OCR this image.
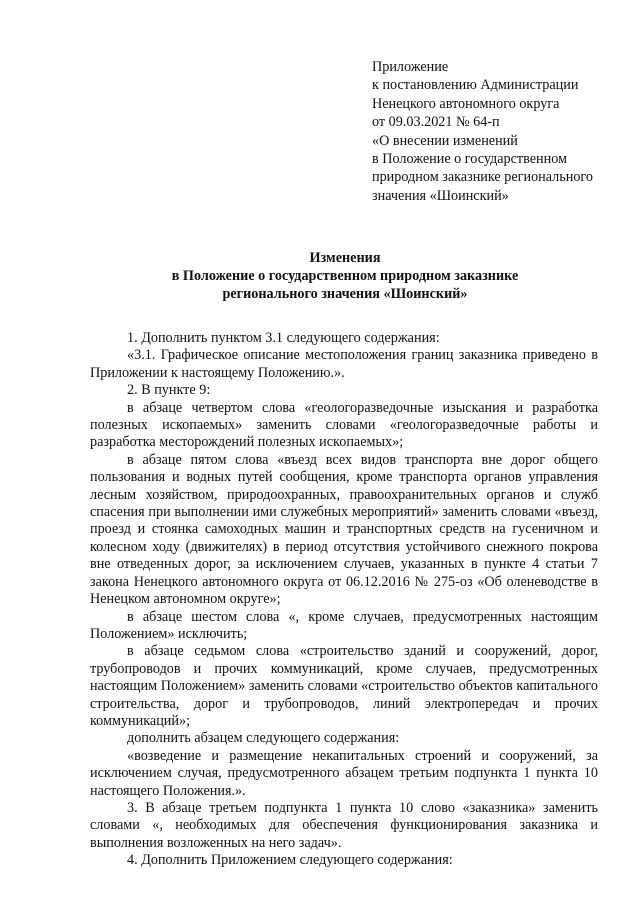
Приложение
к постановлению Администрации
Ненецкого автономного округа
от 09.03.2021 № 64-п
«О внесении изменений
в Положение о государственном
природном заказнике регионального
значения «Шоинский»
Изменения
в Положение о государственном природном заказнике
регионального значения «Шоинский»

1. Дополнить пунктом 3.1 следующего содержания:

«3.1. Графическое описание местоположения границ заказника приведено в Приложении к настоящему Положению.».

2. В пункте 9:

в абзаце четвертом слова «геологоразведочные изыскания и разработка полезных ископаемых» заменить словами «геологоразведочные работы и разработка месторождений полезных ископаемых»;

в абзаце пятом слова «въезд всех видов транспорта вне дорог общего пользования и водных путей сообщения, кроме транспорта органов управления лесным хозяйством, природоохранных, правоохранительных органов и служб спасения при выполнении ими служебных мероприятий» заменить словами «въезд, проезд и стоянка самоходных машин и транспортных средств на гусеничном и колесном ходу (движителях) в период отсутствия устойчивого снежного покрова вне отведенных дорог, за исключением случаев, указанных в пункте 4 статьи 7 закона Ненецкого автономного округа от 06.12.2016 № 275-оз «Об оленеводстве в Ненецком автономном округе»;

в абзаце шестом слова «, кроме случаев, предусмотренных настоящим Положением» исключить;

в абзаце седьмом слова «строительство зданий и сооружений, дорог, трубопроводов и прочих коммуникаций, кроме случаев, предусмотренных настоящим Положением» заменить словами «строительство объектов капитального строительства, дорог и трубопроводов, линий электропередач и прочих коммуникаций»;

дополнить абзацем следующего содержания:

«возведение и размещение некапитальных строений и сооружений, за исключением случая, предусмотренного абзацем третьим подпункта 1 пункта 10 настоящего Положения.».

3. В абзаце третьем подпункта 1 пункта 10 слово «заказника» заменить словами «, необходимых для обеспечения функционирования заказника и выполнения возложенных на него задач».

4. Дополнить Приложением следующего содержания:
